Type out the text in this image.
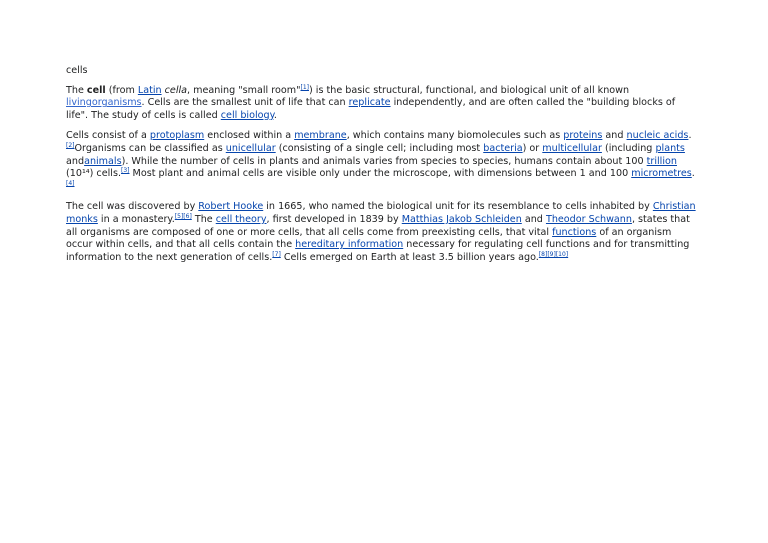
cells

The cell (from Latin cella, meaning "small room"[1]) is the basic structural, functional, and biological unit of all known livingorganisms. Cells are the smallest unit of life that can replicate independently, and are often called the "building blocks of life". The study of cells is called cell biology.

Cells consist of a protoplasm enclosed within a membrane, which contains many biomolecules such as proteins and nucleic acids.[2]Organisms can be classified as unicellular (consisting of a single cell; including most bacteria) or multicellular (including plants andanimals). While the number of cells in plants and animals varies from species to species, humans contain about 100 trillion (10¹⁴) cells.[3] Most plant and animal cells are visible only under the microscope, with dimensions between 1 and 100 micrometres.[4]

The cell was discovered by Robert Hooke in 1665, who named the biological unit for its resemblance to cells inhabited by Christian monks in a monastery.[5][6] The cell theory, first developed in 1839 by Matthias Jakob Schleiden and Theodor Schwann, states that all organisms are composed of one or more cells, that all cells come from preexisting cells, that vital functions of an organism occur within cells, and that all cells contain the hereditary information necessary for regulating cell functions and for transmitting information to the next generation of cells.[7] Cells emerged on Earth at least 3.5 billion years ago.[8][9][10]
